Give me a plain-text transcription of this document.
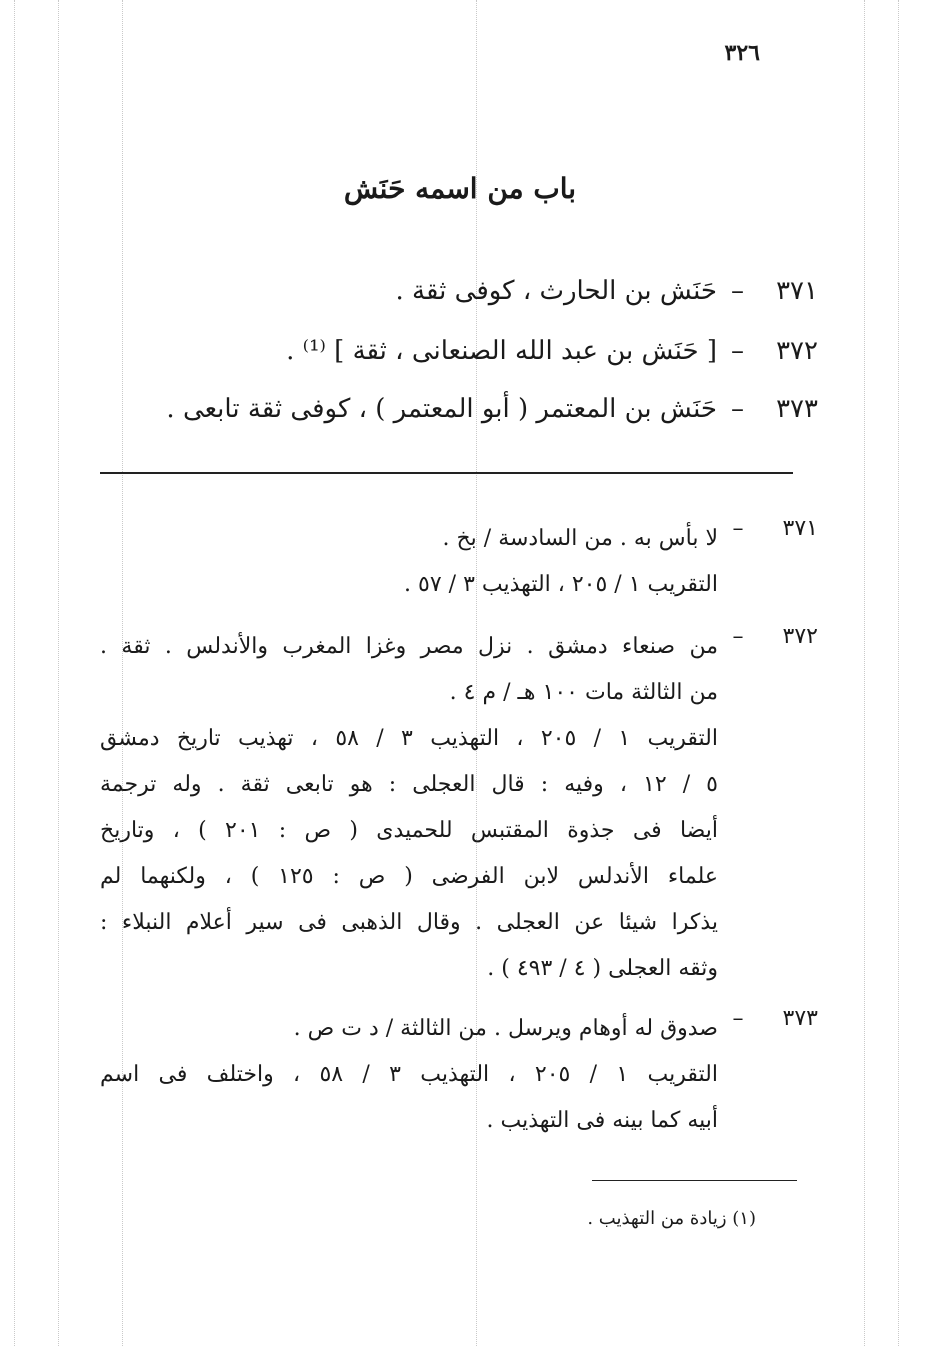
٣٢٦
باب من اسمه حَنَش
٣٧١–حَنَش بن الحارث ، كوفى ثقة .
٣٧٢–[ حَنَش بن عبد الله الصنعانى ، ثقة ] ⁽¹⁾ .
٣٧٣–حَنَش بن المعتمر ( أبو المعتمر ) ، كوفى ثقة تابعى .
٣٧١
–
لا بأس به . من السادسة / بخ .
التقريب ١ / ٢٠٥ ، التهذيب ٣ / ٥٧ .
٣٧٢
–
من صنعاء دمشق . نزل مصر وغزا المغرب والأندلس . ثقة .
من الثالثة مات ١٠٠ هـ / م ٤ .
التقريب ١ / ٢٠٥ ، التهذيب ٣ / ٥٨ ، تهذيب تاريخ دمشق
٥ / ١٢ ، وفيه : قال العجلى : هو تابعى ثقة . وله ترجمة
أيضا فى جذوة المقتبس للحميدى ( ص : ٢٠١ ) ، وتاريخ
علماء الأندلس لابن الفرضى ( ص : ١٢٥ ) ، ولكنهما لم
يذكرا شيئا عن العجلى . وقال الذهبى فى سير أعلام النبلاء :
وثقه العجلى ( ٤ / ٤٩٣ ) .
٣٧٣
–
صدوق له أوهام ويرسل . من الثالثة / د ت ص .
التقريب ١ / ٢٠٥ ، التهذيب ٣ / ٥٨ ، واختلف فى اسم
أبيه كما بينه فى التهذيب .
(١) زيادة من التهذيب .
